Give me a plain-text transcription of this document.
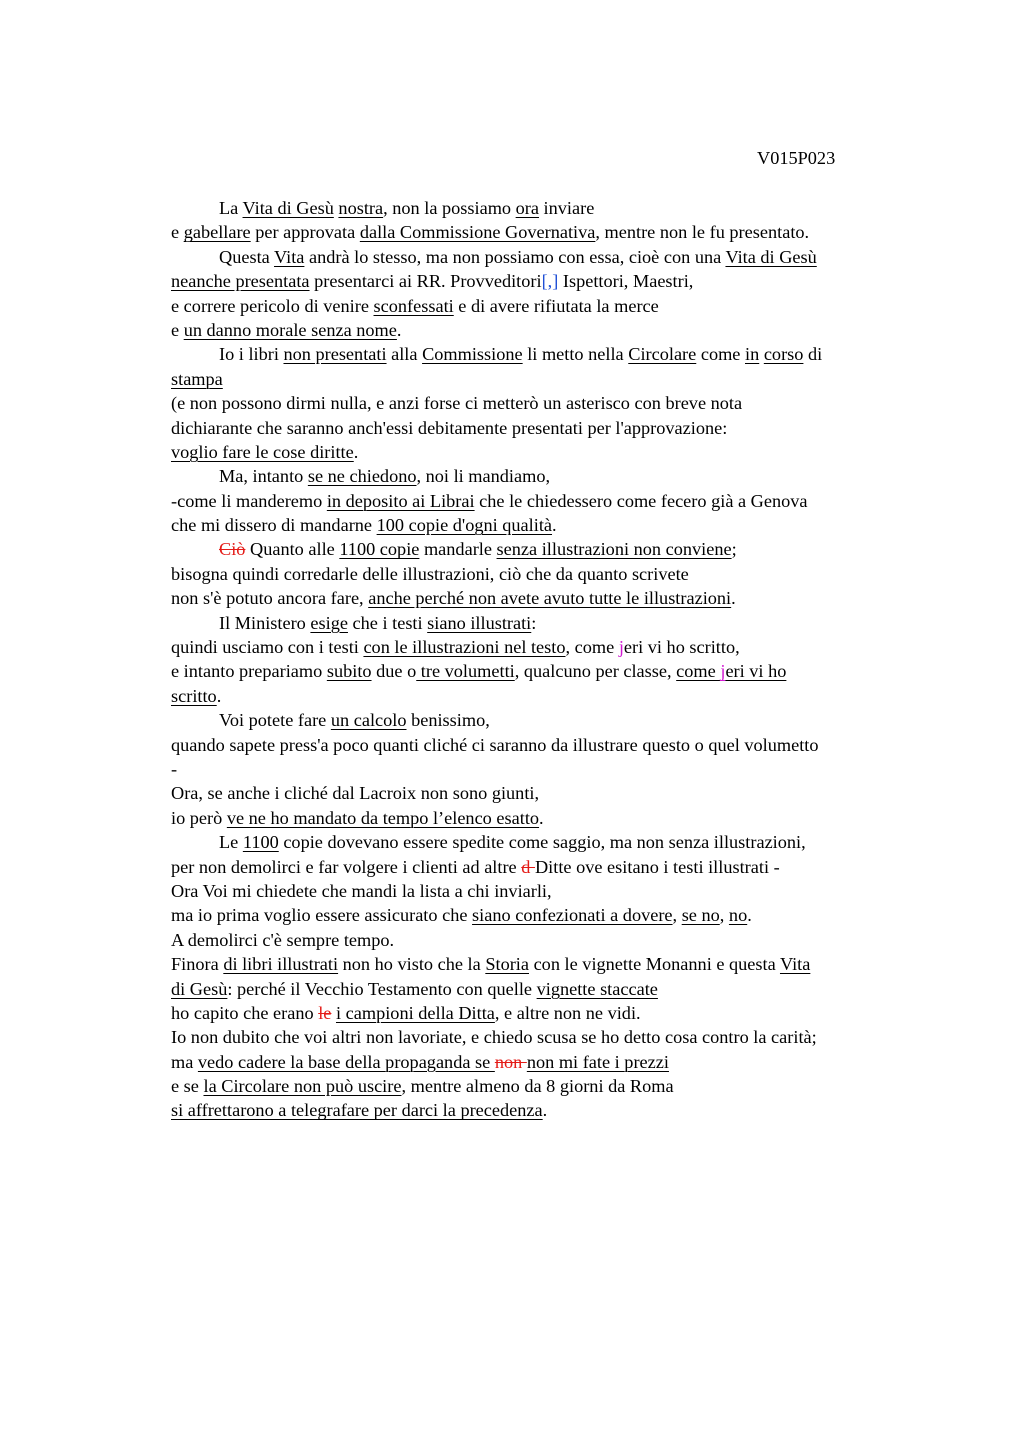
V015P023
La Vita di Gesù nostra, non la possiamo ora inviare
e gabellare per approvata dalla Commissione Governativa, mentre non le fu presentato.
Questa Vita andrà lo stesso, ma non possiamo con essa, cioè con una Vita di Gesù
neanche presentata presentarci ai RR. Provveditori[,] Ispettori, Maestri,
e correre pericolo di venire sconfessati e di avere rifiutata la merce
e un danno morale senza nome.
Io i libri non presentati alla Commissione li metto nella Circolare come in corso di
stampa
(e non possono dirmi nulla, e anzi forse ci metterò un asterisco con breve nota
dichiarante che saranno anch'essi debitamente presentati per l'approvazione:
voglio fare le cose diritte.
Ma, intanto se ne chiedono, noi li mandiamo,
-come li manderemo in deposito ai Librai che le chiedessero come fecero già a Genova
che mi dissero di mandarne 100 copie d'ogni qualità.
Ciò Quanto alle 1100 copie mandarle senza illustrazioni non conviene;
bisogna quindi corredarle delle illustrazioni, ciò che da quanto scrivete
non s'è potuto ancora fare, anche perché non avete avuto tutte le illustrazioni.
Il Ministero esige che i testi siano illustrati:
quindi usciamo con i testi con le illustrazioni nel testo, come jeri vi ho scritto,
e intanto prepariamo subito due o tre volumetti, qualcuno per classe, come jeri vi ho
scritto.
Voi potete fare un calcolo benissimo,
quando sapete press'a poco quanti cliché ci saranno da illustrare questo o quel volumetto
-
Ora, se anche i cliché dal Lacroix non sono giunti,
io però ve ne ho mandato da tempo l’elenco esatto.
Le 1100 copie dovevano essere spedite come saggio, ma non senza illustrazioni,
per non demolirci e far volgere i clienti ad altre d Ditte ove esitano i testi illustrati -
Ora Voi mi chiedete che mandi la lista a chi inviarli,
ma io prima voglio essere assicurato che siano confezionati a dovere, se no, no.
A demolirci c'è sempre tempo.
Finora di libri illustrati non ho visto che la Storia con le vignette Monanni e questa Vita
di Gesù: perché il Vecchio Testamento con quelle vignette staccate
ho capito che erano le i campioni della Ditta, e altre non ne vidi.
Io non dubito che voi altri non lavoriate, e chiedo scusa se ho detto cosa contro la carità;
ma vedo cadere la base della propaganda se non non mi fate i prezzi
e se la Circolare non può uscire, mentre almeno da 8 giorni da Roma
si affrettarono a telegrafare per darci la precedenza.
